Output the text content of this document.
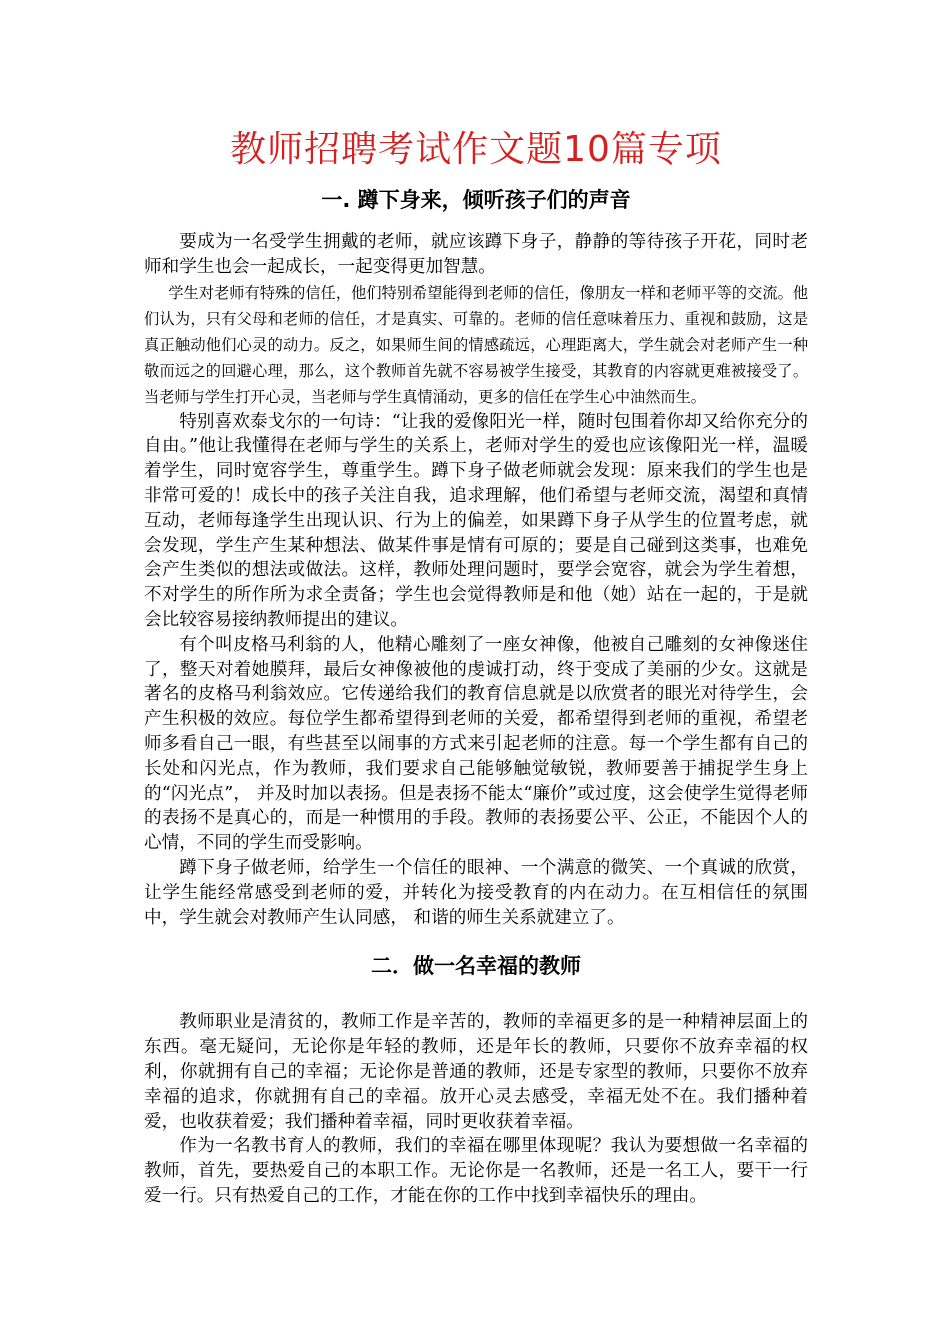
教师招聘考试作文题10篇专项
一. 蹲下身来，倾听孩子们的声音

要成为一名受学生拥戴的老师，就应该蹲下身子，静静的等待孩子开花，同时老师和学生也会一起成长，一起变得更加智慧。

学生对老师有特殊的信任，他们特别希望能得到老师的信任，像朋友一样和老师平等的交流。他们认为，只有父母和老师的信任，才是真实、可靠的。老师的信任意味着压力、重视和鼓励，这是真正触动他们心灵的动力。反之，如果师生间的情感疏远，心理距离大，学生就会对老师产生一种敬而远之的回避心理，那么，这个教师首先就不容易被学生接受，其教育的内容就更难被接受了。当老师与学生打开心灵，当老师与学生真情涌动，更多的信任在学生心中油然而生。

特别喜欢泰戈尔的一句诗：“让我的爱像阳光一样，随时包围着你却又给你充分的自由。”他让我懂得在老师与学生的关系上，老师对学生的爱也应该像阳光一样，温暖着学生，同时宽容学生，尊重学生。蹲下身子做老师就会发现：原来我们的学生也是非常可爱的！成长中的孩子关注自我，追求理解，他们希望与老师交流，渴望和真情互动，老师每逢学生出现认识、行为上的偏差，如果蹲下身子从学生的位置考虑，就会发现，学生产生某种想法、做某件事是情有可原的；要是自己碰到这类事，也难免会产生类似的想法或做法。这样，教师处理问题时，要学会宽容，就会为学生着想，不对学生的所作所为求全责备；学生也会觉得教师是和他（她）站在一起的，于是就会比较容易接纳教师提出的建议。

有个叫皮格马利翁的人，他精心雕刻了一座女神像，他被自己雕刻的女神像迷住了，整天对着她膜拜，最后女神像被他的虔诚打动，终于变成了美丽的少女。这就是著名的皮格马利翁效应。它传递给我们的教育信息就是以欣赏者的眼光对待学生，会产生积极的效应。每位学生都希望得到老师的关爱，都希望得到老师的重视，希望老师多看自己一眼，有些甚至以闹事的方式来引起老师的注意。每一个学生都有自己的长处和闪光点，作为教师，我们要求自己能够触觉敏锐，教师要善于捕捉学生身上的“闪光点”， 并及时加以表扬。但是表扬不能太“廉价”或过度，这会使学生觉得老师的表扬不是真心的，而是一种惯用的手段。教师的表扬要公平、公正，不能因个人的心情，不同的学生而受影响。

蹲下身子做老师，给学生一个信任的眼神、一个满意的微笑、一个真诚的欣赏，让学生能经常感受到老师的爱，并转化为接受教育的内在动力。在互相信任的氛围中，学生就会对教师产生认同感， 和谐的师生关系就建立了。

二．做一名幸福的教师

教师职业是清贫的，教师工作是辛苦的，教师的幸福更多的是一种精神层面上的东西。毫无疑问，无论你是年轻的教师，还是年长的教师，只要你不放弃幸福的权利，你就拥有自己的幸福；无论你是普通的教师，还是专家型的教师，只要你不放弃幸福的追求，你就拥有自己的幸福。放开心灵去感受，幸福无处不在。我们播种着爱，也收获着爱；我们播种着幸福，同时更收获着幸福。

作为一名教书育人的教师，我们的幸福在哪里体现呢？我认为要想做一名幸福的教师，首先，要热爱自己的本职工作。无论你是一名教师，还是一名工人，要干一行爱一行。只有热爱自己的工作，才能在你的工作中找到幸福快乐的理由。
